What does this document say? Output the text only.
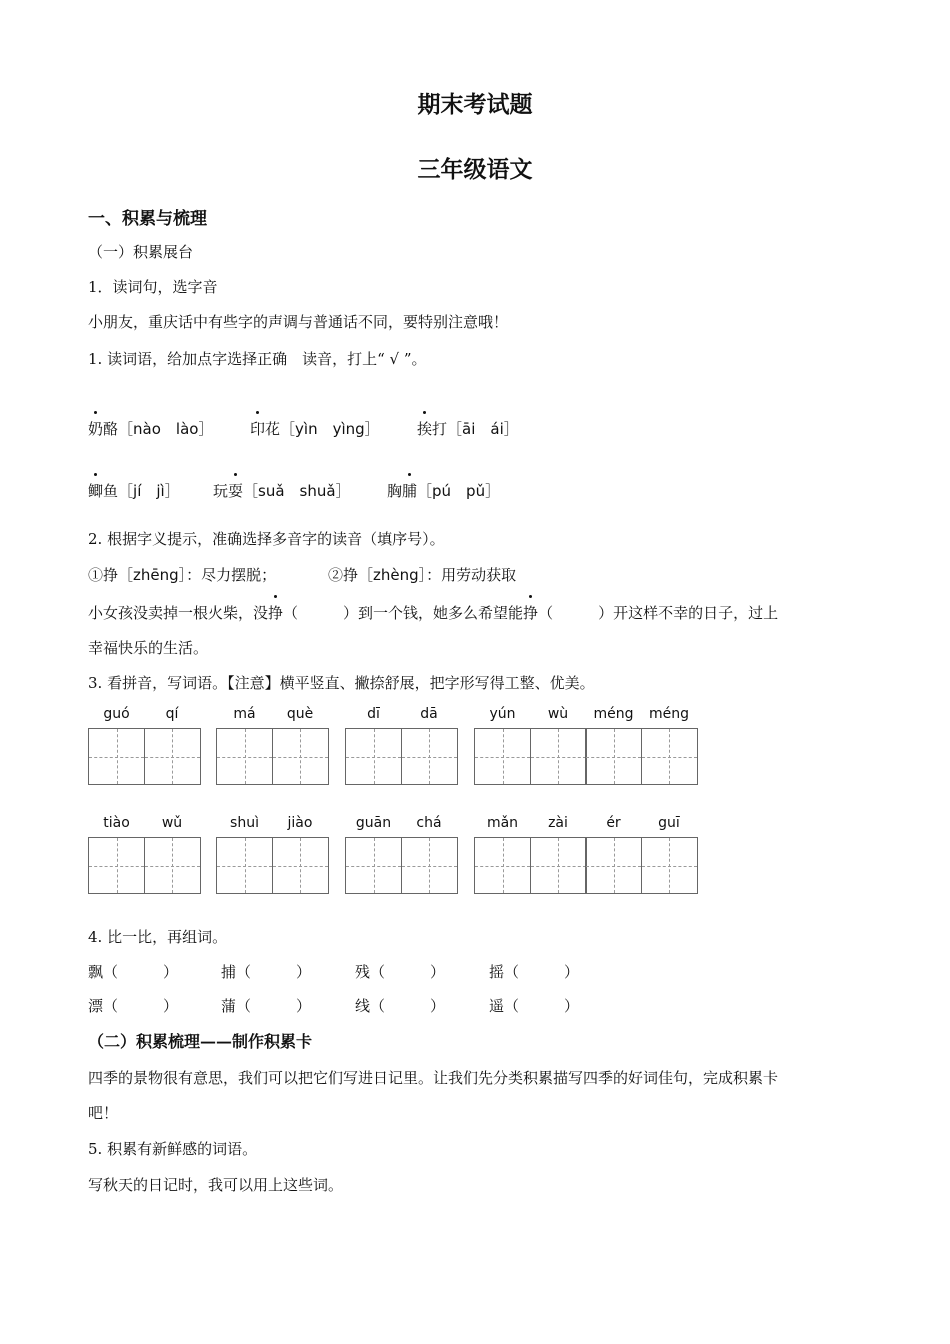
期末考试题
三年级语文
一、积累与梳理
（一）积累展台
1．读词句，选字音
小朋友，重庆话中有些字的声调与普通话不同，要特别注意哦！
1. 读词语，给加点字选择正确　读音，打上“ √ ”。
奶酪［nào　lào］ 印花［yìn　yìng］ 挨打［āi　ái］
鲫鱼［jí　jì］ 玩耍［suǎ　shuǎ］ 胸脯［pú　pǔ］
2. 根据字义提示，准确选择多音字的读音（填序号）。
①挣［zhēng］：尽力摆脱；	②挣［zhèng］：用劳动获取
小女孩没卖掉一根火柴，没挣（　　　）到一个钱，她多么希望能挣（　　　）开这样不幸的日子，过上
幸福快乐的生活。
3. 看拼音，写词语。【注意】横平竖直、撇捺舒展，把字形写得工整、优美。
guó	qí	má	què	dī	dā	yún	wù	méng	méng
tiào	wǔ	shuì	jiào	guān	chá	mǎn	zài	ér	guī
4. 比一比，再组词。
飘（　　　）	捕（　　　）	残（　　　）	摇（　　　）
漂（　　　）	蒲（　　　）	线（　　　）	遥（　　　）
（二）积累梳理——制作积累卡
四季的景物很有意思，我们可以把它们写进日记里。让我们先分类积累描写四季的好词佳句，完成积累卡
吧！
5. 积累有新鲜感的词语。
写秋天的日记时，我可以用上这些词。
